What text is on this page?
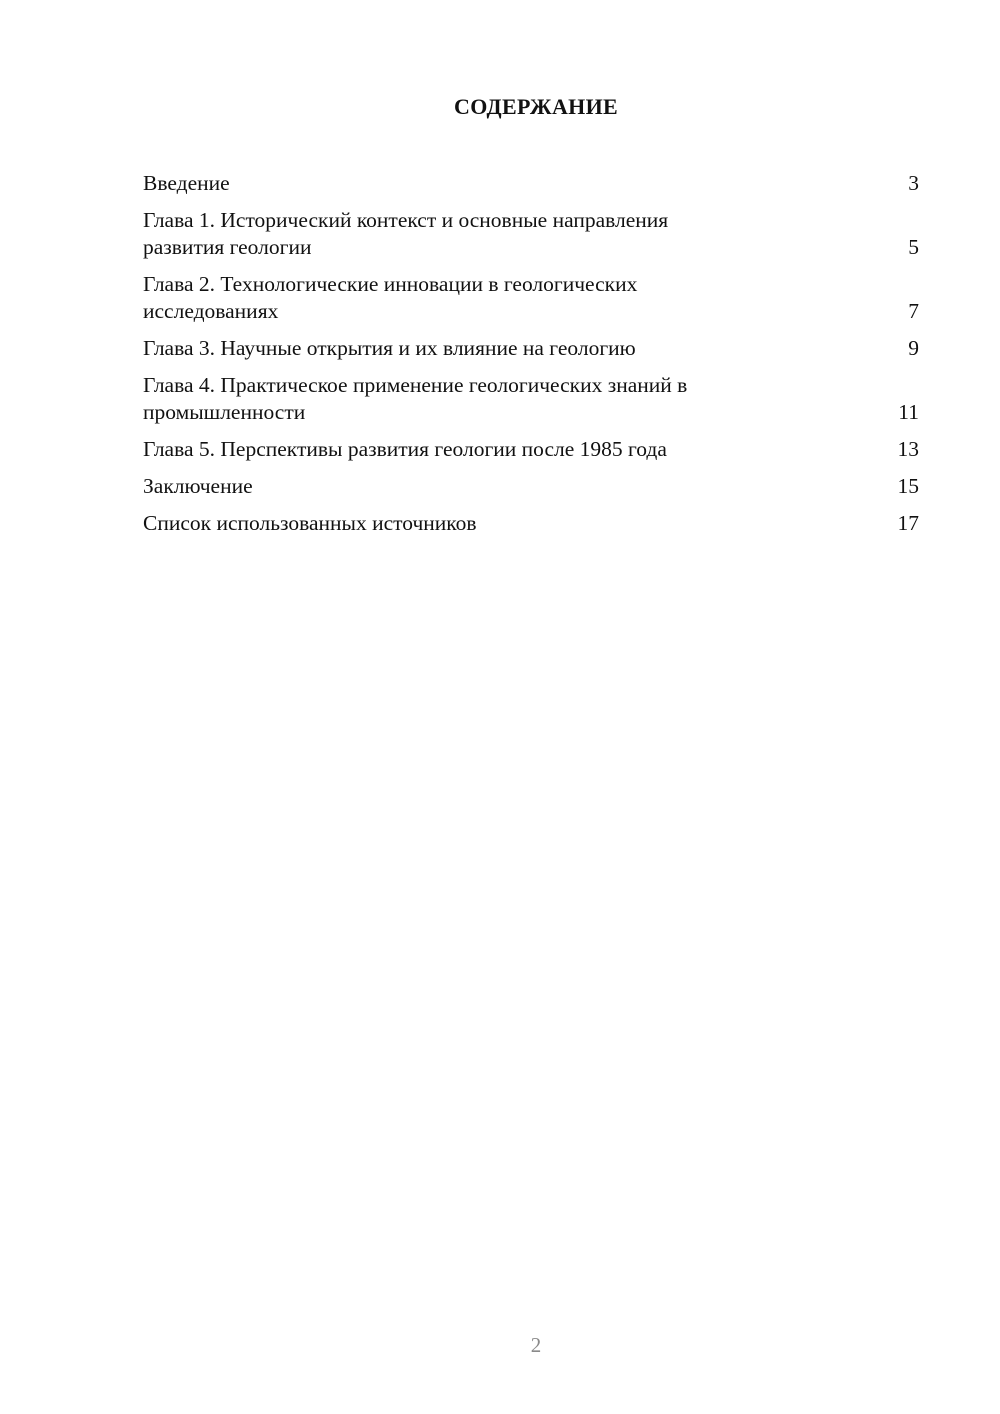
СОДЕРЖАНИЕ
Введение	3
Глава 1. Исторический контекст и основные направления
развития геологии	5
Глава 2. Технологические инновации в геологических
исследованиях	7
Глава 3. Научные открытия и их влияние на геологию	9
Глава 4. Практическое применение геологических знаний в
промышленности	11
Глава 5. Перспективы развития геологии после 1985 года	13
Заключение	15
Список использованных источников	17
2
